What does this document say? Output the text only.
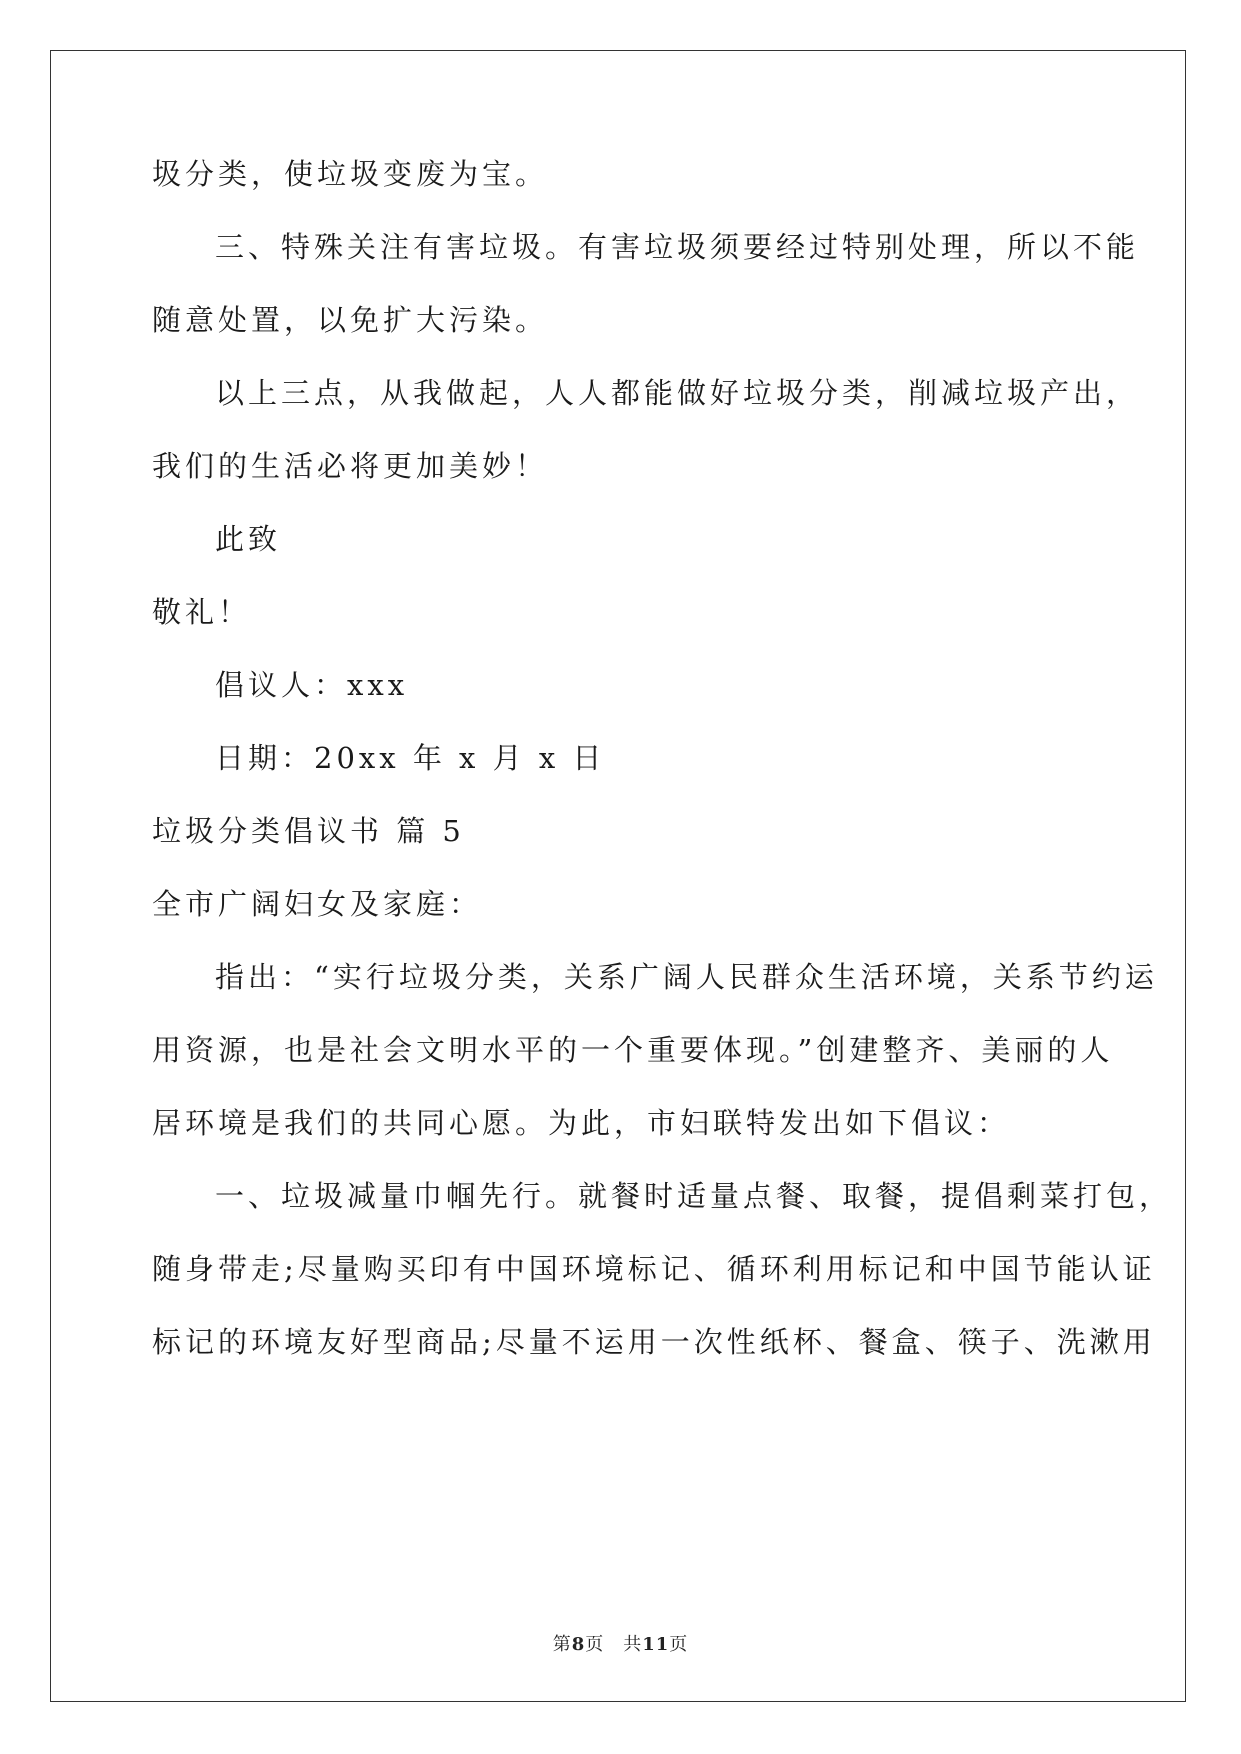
圾分类，使垃圾变废为宝。
三、特殊关注有害垃圾。有害垃圾须要经过特别处理，所以不能
随意处置，以免扩大污染。
以上三点，从我做起，人人都能做好垃圾分类，削减垃圾产出，
我们的生活必将更加美妙！
此致
敬礼！
倡议人：xxx
日期：20xx 年 x 月 x 日
垃圾分类倡议书 篇 5
全市广阔妇女及家庭：
指出：“实行垃圾分类，关系广阔人民群众生活环境，关系节约运
用资源，也是社会文明水平的一个重要体现。”创建整齐、美丽的人
居环境是我们的共同心愿。为此，市妇联特发出如下倡议：
一、垃圾减量巾帼先行。就餐时适量点餐、取餐，提倡剩菜打包，
随身带走;尽量购买印有中国环境标记、循环利用标记和中国节能认证
标记的环境友好型商品;尽量不运用一次性纸杯、餐盒、筷子、洗漱用
第8页　共11页
